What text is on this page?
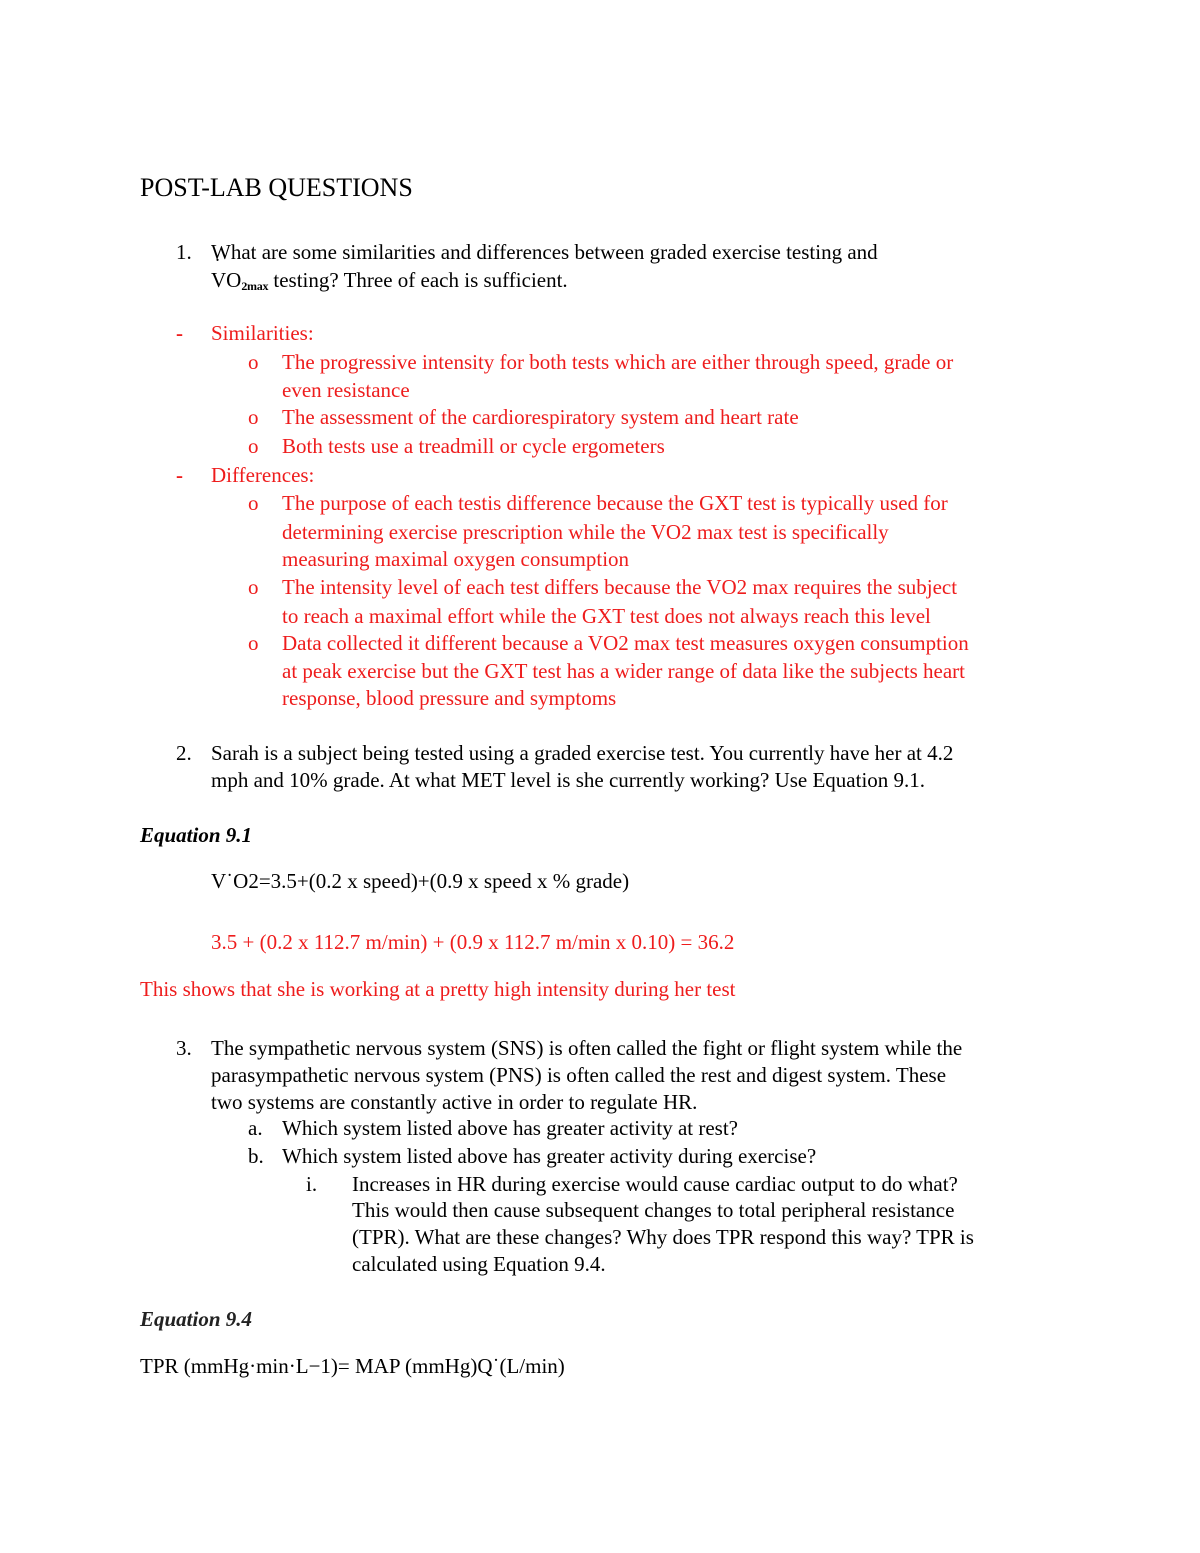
POST-LAB QUESTIONS
1. What are some similarities and differences between graded exercise testing and
˙ $VO_{2max}$ testing? Three of each is sufficient.
- Similarities:
o The progressive intensity for both tests which are either through speed, grade or
even resistance
o The assessment of the cardiorespiratory system and heart rate
o Both tests use a treadmill or cycle ergometers
- Differences:
o The purpose of each testis difference because the GXT test is typically used for
determining exercise prescription while the VO2 max test is specifically
measuring maximal oxygen consumption
o The intensity level of each test differs because the VO2 max requires the subject
to reach a maximal effort while the GXT test does not always reach this level
o Data collected it different because a VO2 max test measures oxygen consumption
at peak exercise but the GXT test has a wider range of data like the subjects heart
response, blood pressure and symptoms
2. Sarah is a subject being tested using a graded exercise test. You currently have her at 4.2
mph and 10% grade. At what MET level is she currently working? Use Equation 9.1.
Equation 9.1
V˙O2=3.5+(0.2 x speed)+(0.9 x speed x % grade)
3.5 + (0.2 x 112.7 m/min) + (0.9 x 112.7 m/min x 0.10) = 36.2
This shows that she is working at a pretty high intensity during her test
3. The sympathetic nervous system (SNS) is often called the fight or flight system while the
parasympathetic nervous system (PNS) is often called the rest and digest system. These
two systems are constantly active in order to regulate HR.
a. Which system listed above has greater activity at rest?
b. Which system listed above has greater activity during exercise?
i. Increases in HR during exercise would cause cardiac output to do what?
This would then cause subsequent changes to total peripheral resistance
(TPR). What are these changes? Why does TPR respond this way? TPR is
calculated using Equation 9.4.
Equation 9.4
TPR (mmHg·min·L−1)= MAP (mmHg)Q˙(L/min)
